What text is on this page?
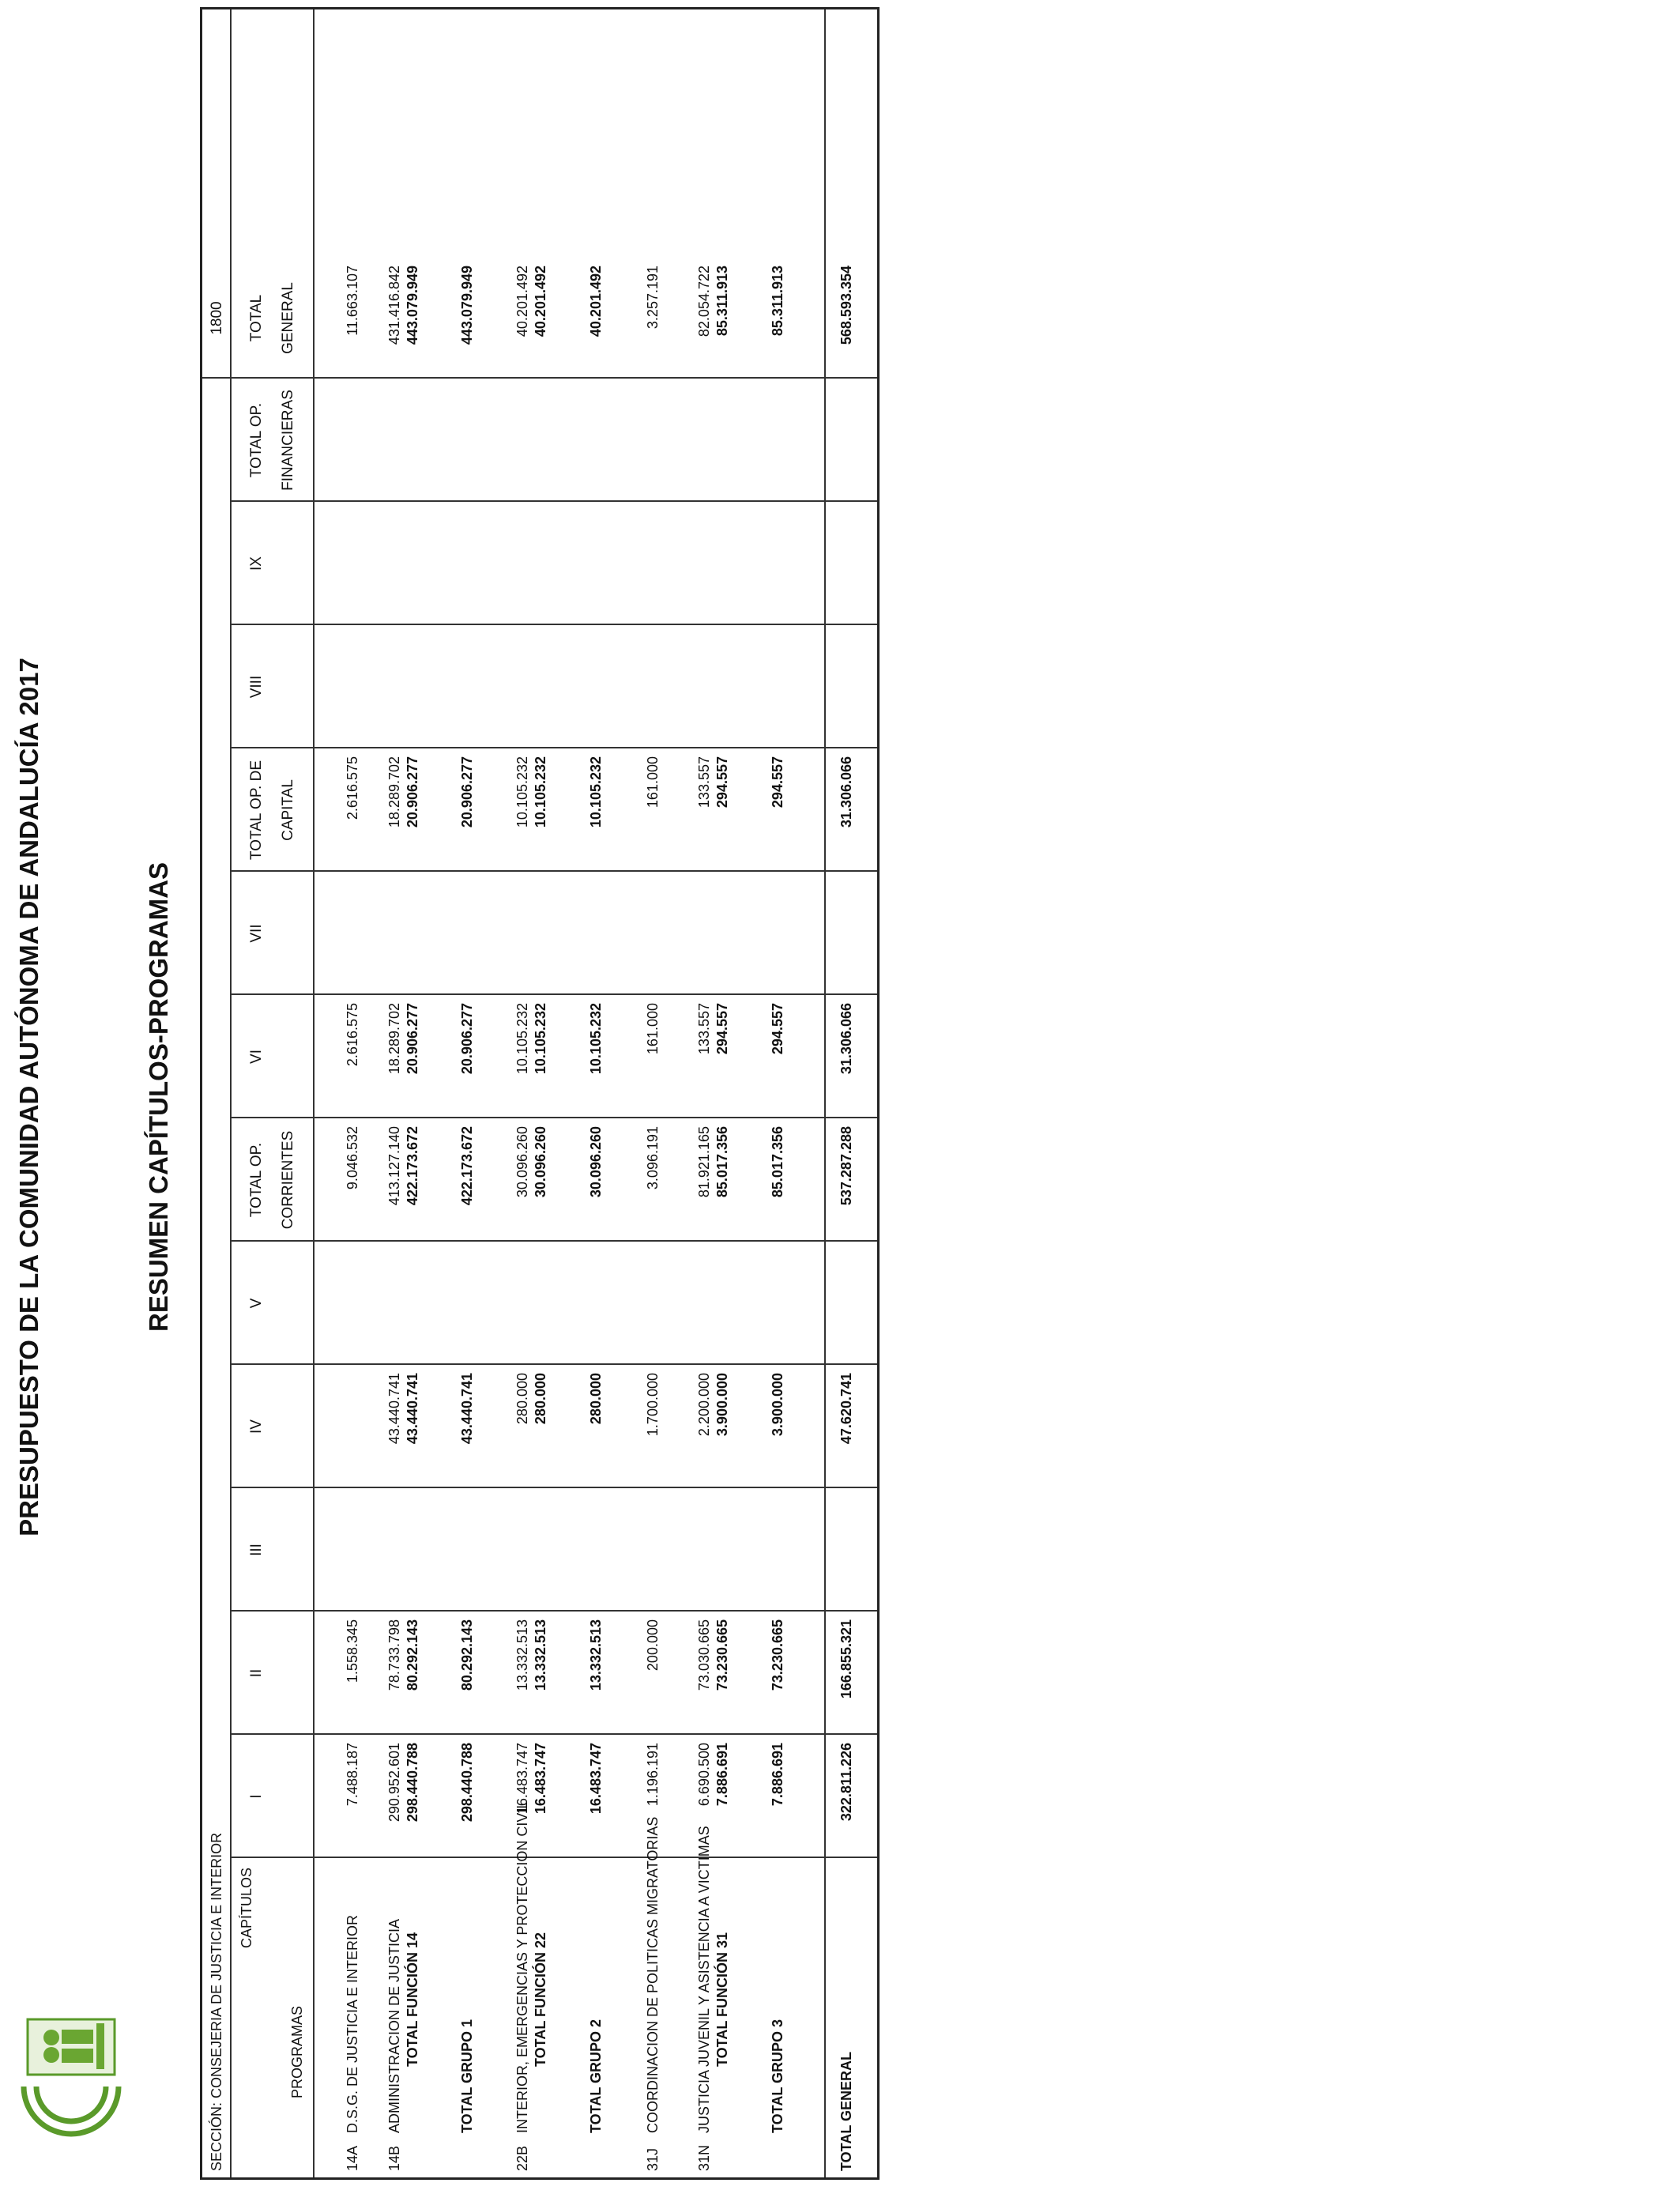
PRESUPUESTO DE LA COMUNIDAD AUTÓNOMA DE ANDALUCÍA 2017	RESUMEN CAPÍTULOS-PROGRAMAS
SECCIÓN: CONSEJERIA DE JUSTICIA E INTERIOR
1800
CAPÍTULOS
PROGRAMAS
I
II
III
IV
V
TOTAL OP. CORRIENTES
VI
VII
TOTAL OP. DE CAPITAL
VIII
IX
TOTAL OP. FINANCIERAS
TOTAL GENERAL
14A
D.S.G. DE JUSTICIA E INTERIOR
7.488.187
1.558.345
9.046.532
2.616.575
2.616.575
11.663.107
14B
ADMINISTRACION DE JUSTICIA
290.952.601
78.733.798
43.440.741
413.127.140
18.289.702
18.289.702
431.416.842
TOTAL FUNCIÓN 14
298.440.788
80.292.143
43.440.741
422.173.672
20.906.277
20.906.277
443.079.949
TOTAL GRUPO 1
298.440.788
80.292.143
43.440.741
422.173.672
20.906.277
20.906.277
443.079.949
22B
INTERIOR, EMERGENCIAS Y PROTECCION CIVIL
16.483.747
13.332.513
280.000
30.096.260
10.105.232
10.105.232
40.201.492
TOTAL FUNCIÓN 22
16.483.747
13.332.513
280.000
30.096.260
10.105.232
10.105.232
40.201.492
TOTAL GRUPO 2
16.483.747
13.332.513
280.000
30.096.260
10.105.232
10.105.232
40.201.492
31J
COORDINACION DE POLITICAS MIGRATORIAS
1.196.191
200.000
1.700.000
3.096.191
161.000
161.000
3.257.191
31N
JUSTICIA JUVENIL Y ASISTENCIA A VICTIMAS
6.690.500
73.030.665
2.200.000
81.921.165
133.557
133.557
82.054.722
TOTAL FUNCIÓN 31
7.886.691
73.230.665
3.900.000
85.017.356
294.557
294.557
85.311.913
TOTAL GRUPO 3
7.886.691
73.230.665
3.900.000
85.017.356
294.557
294.557
85.311.913
TOTAL GENERAL
322.811.226
166.855.321
47.620.741
537.287.288
31.306.066
31.306.066
568.593.354
